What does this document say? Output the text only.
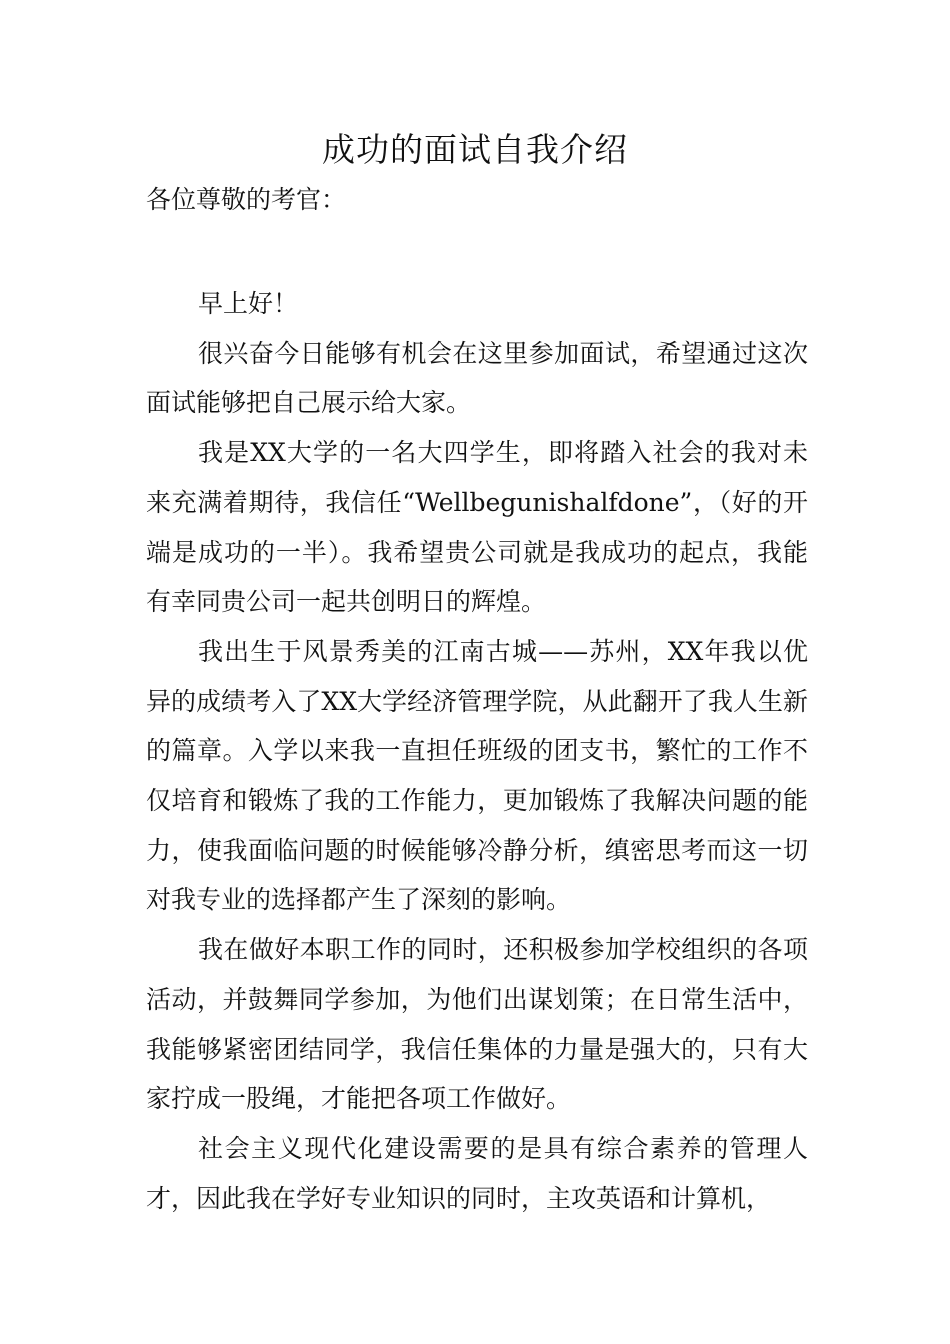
成功的面试自我介绍
各位尊敬的考官：

早上好！

很兴奋今日能够有机会在这里参加面试，希望通过这次面试能够把自己展示给大家。

我是XX大学的一名大四学生，即将踏入社会的我对未来充满着期待，我信任“Wellbegunishalfdone”，（好的开端是成功的一半）。我希望贵公司就是我成功的起点，我能有幸同贵公司一起共创明日的辉煌。

我出生于风景秀美的江南古城——苏州，XX年我以优异的成绩考入了XX大学经济管理学院，从此翻开了我人生新的篇章。入学以来我一直担任班级的团支书，繁忙的工作不仅培育和锻炼了我的工作能力，更加锻炼了我解决问题的能力，使我面临问题的时候能够冷静分析，缜密思考而这一切对我专业的选择都产生了深刻的影响。

我在做好本职工作的同时，还积极参加学校组织的各项活动，并鼓舞同学参加，为他们出谋划策；在日常生活中，我能够紧密团结同学，我信任集体的力量是强大的，只有大家拧成一股绳，才能把各项工作做好。

社会主义现代化建设需要的是具有综合素养的管理人才，因此我在学好专业知识的同时，主攻英语和计算机，
